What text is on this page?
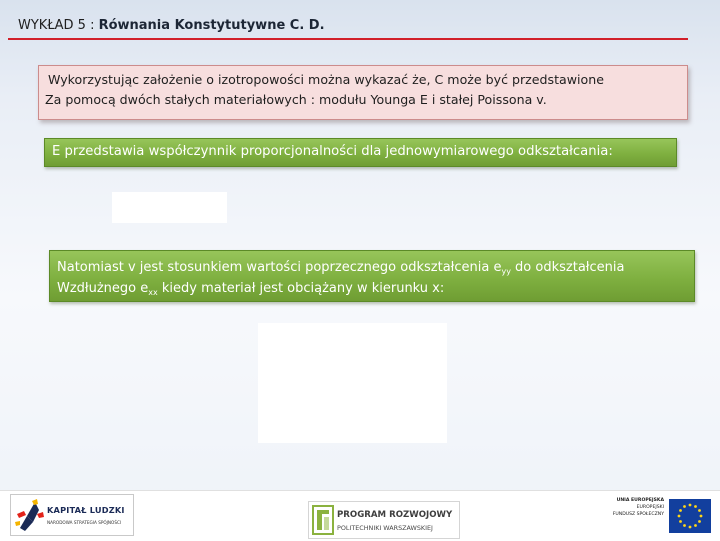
WYKŁAD 5 : Równania Konstytutywne C. D.
Wykorzystując założenie o izotropowości można wykazać że, C może być przedstawione
Za pomocą dwóch stałych materiałowych : modułu Younga E i stałej Poissona v.
E przedstawia współczynnik proporcjonalności dla jednowymiarowego odkształcania:
Natomiast v jest stosunkiem wartości poprzecznego odkształcenia $e_{yy}$ do odkształcenia
Wzdłużnego $e_{xx}$ kiedy materiał jest obciążany w kierunku x:
KAPITAŁ LUDZKI
NARODOWA STRATEGIA SPÓJNOŚCI
PROGRAM ROZWOJOWY
POLITECHNIKI WARSZAWSKIEJ
UNIA EUROPEJSKA
EUROPEJSKI
FUNDUSZ SPOŁECZNY
